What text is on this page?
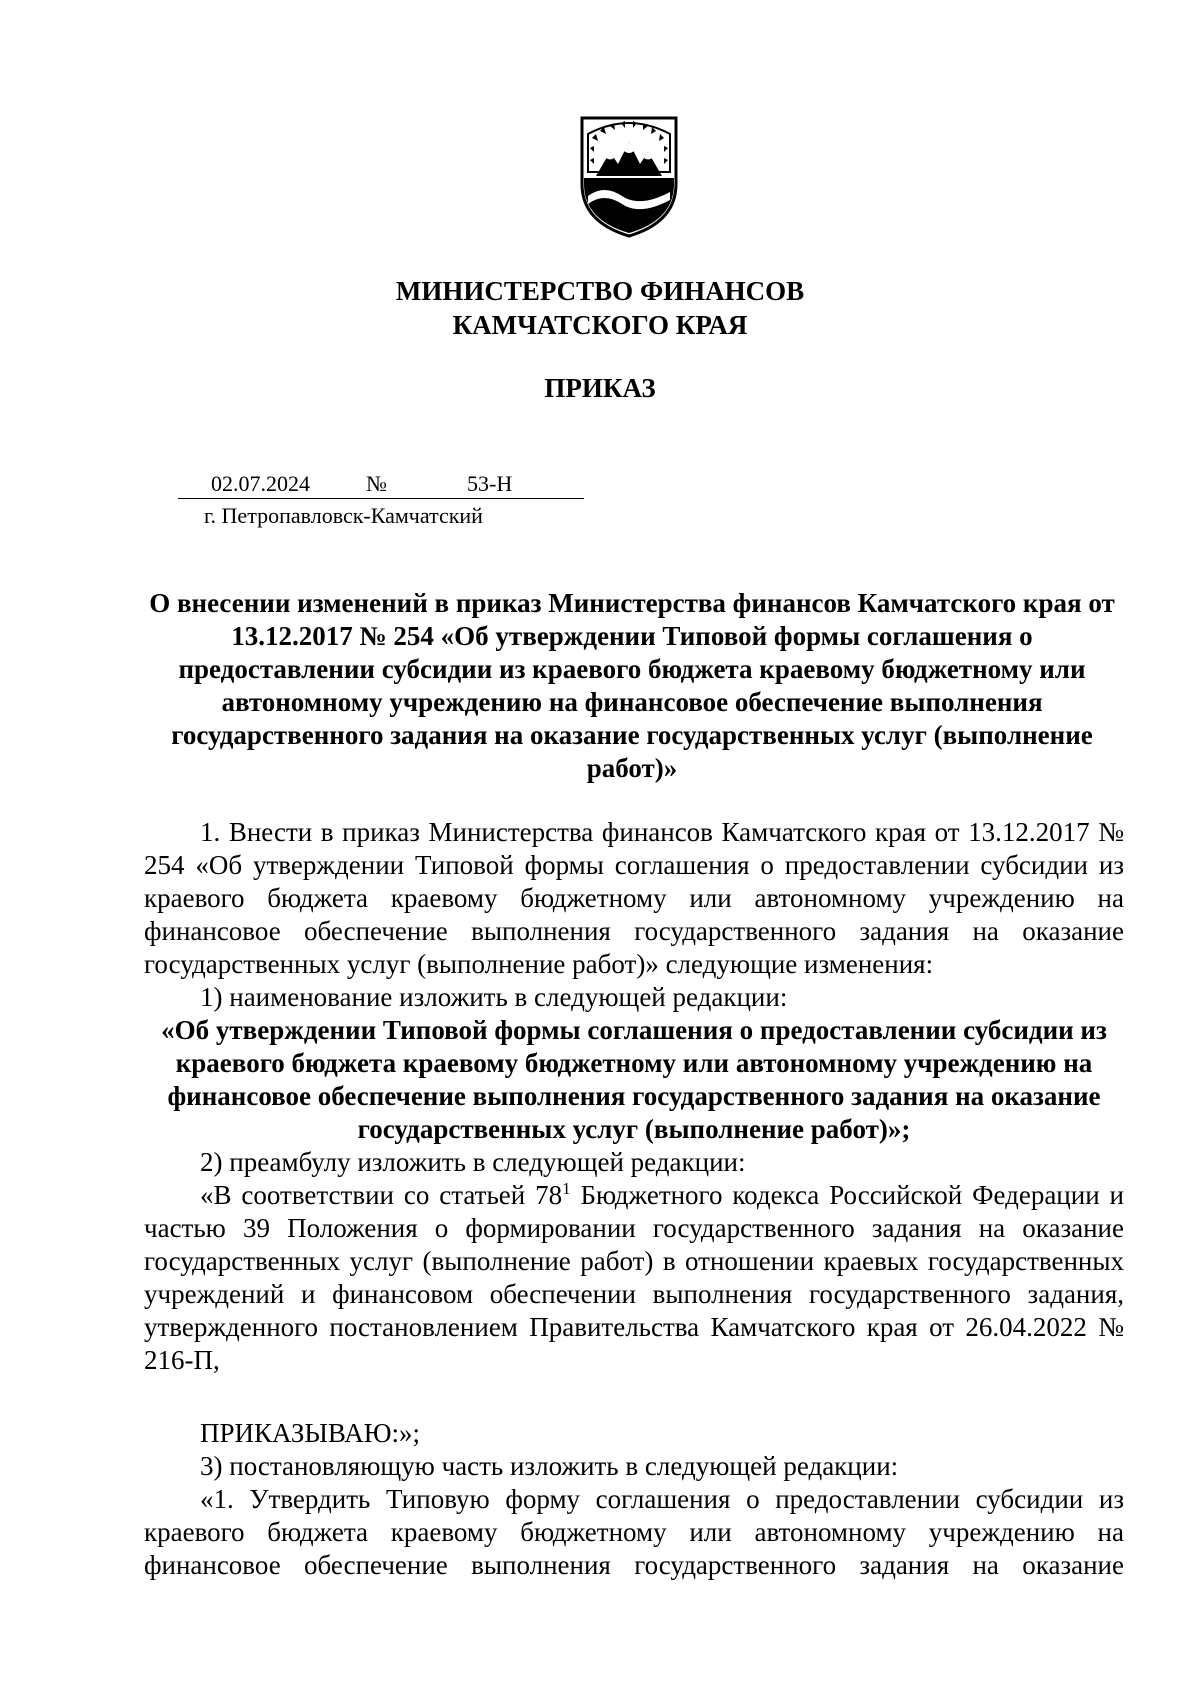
МИНИСТЕРСТВО ФИНАНСОВ
КАМЧАТСКОГО КРАЯ
ПРИКАЗ
02.07.2024	№	53-Н
г. Петропавловск-Камчатский
О внесении изменений в приказ Министерства финансов Камчатского края от 13.12.2017 № 254 «Об утверждении Типовой формы соглашения о предоставлении субсидии из краевого бюджета краевому бюджетному или автономному учреждению на финансовое обеспечение выполнения государственного задания на оказание государственных услуг (выполнение работ)»

1. Внести в приказ Министерства финансов Камчатского края от 13.12.2017 № 254 «Об утверждении Типовой формы соглашения о предоставлении субсидии из краевого бюджета краевому бюджетному или автономному учреждению на финансовое обеспечение выполнения государственного задания на оказание государственных услуг (выполнение работ)» следующие изменения:

1) наименование изложить в следующей редакции:

«Об утверждении Типовой формы соглашения о предоставлении субсидии из краевого бюджета краевому бюджетному или автономному учреждению на финансовое обеспечение выполнения государственного задания на оказание государственных услуг (выполнение работ)»;

2) преамбулу изложить в следующей редакции:

«В соответствии со статьей $78^1$ Бюджетного кодекса Российской Федерации и частью 39 Положения о формировании государственного задания на оказание государственных услуг (выполнение работ) в отношении краевых государственных учреждений и финансовом обеспечении выполнения государственного задания, утвержденного постановлением Правительства Камчатского края от 26.04.2022 № 216-П,

ПРИКАЗЫВАЮ:»;

3) постановляющую часть изложить в следующей редакции:

«1. Утвердить Типовую форму соглашения о предоставлении субсидии из краевого бюджета краевому бюджетному или автономному учреждению на финансовое обеспечение выполнения государственного задания на оказание
